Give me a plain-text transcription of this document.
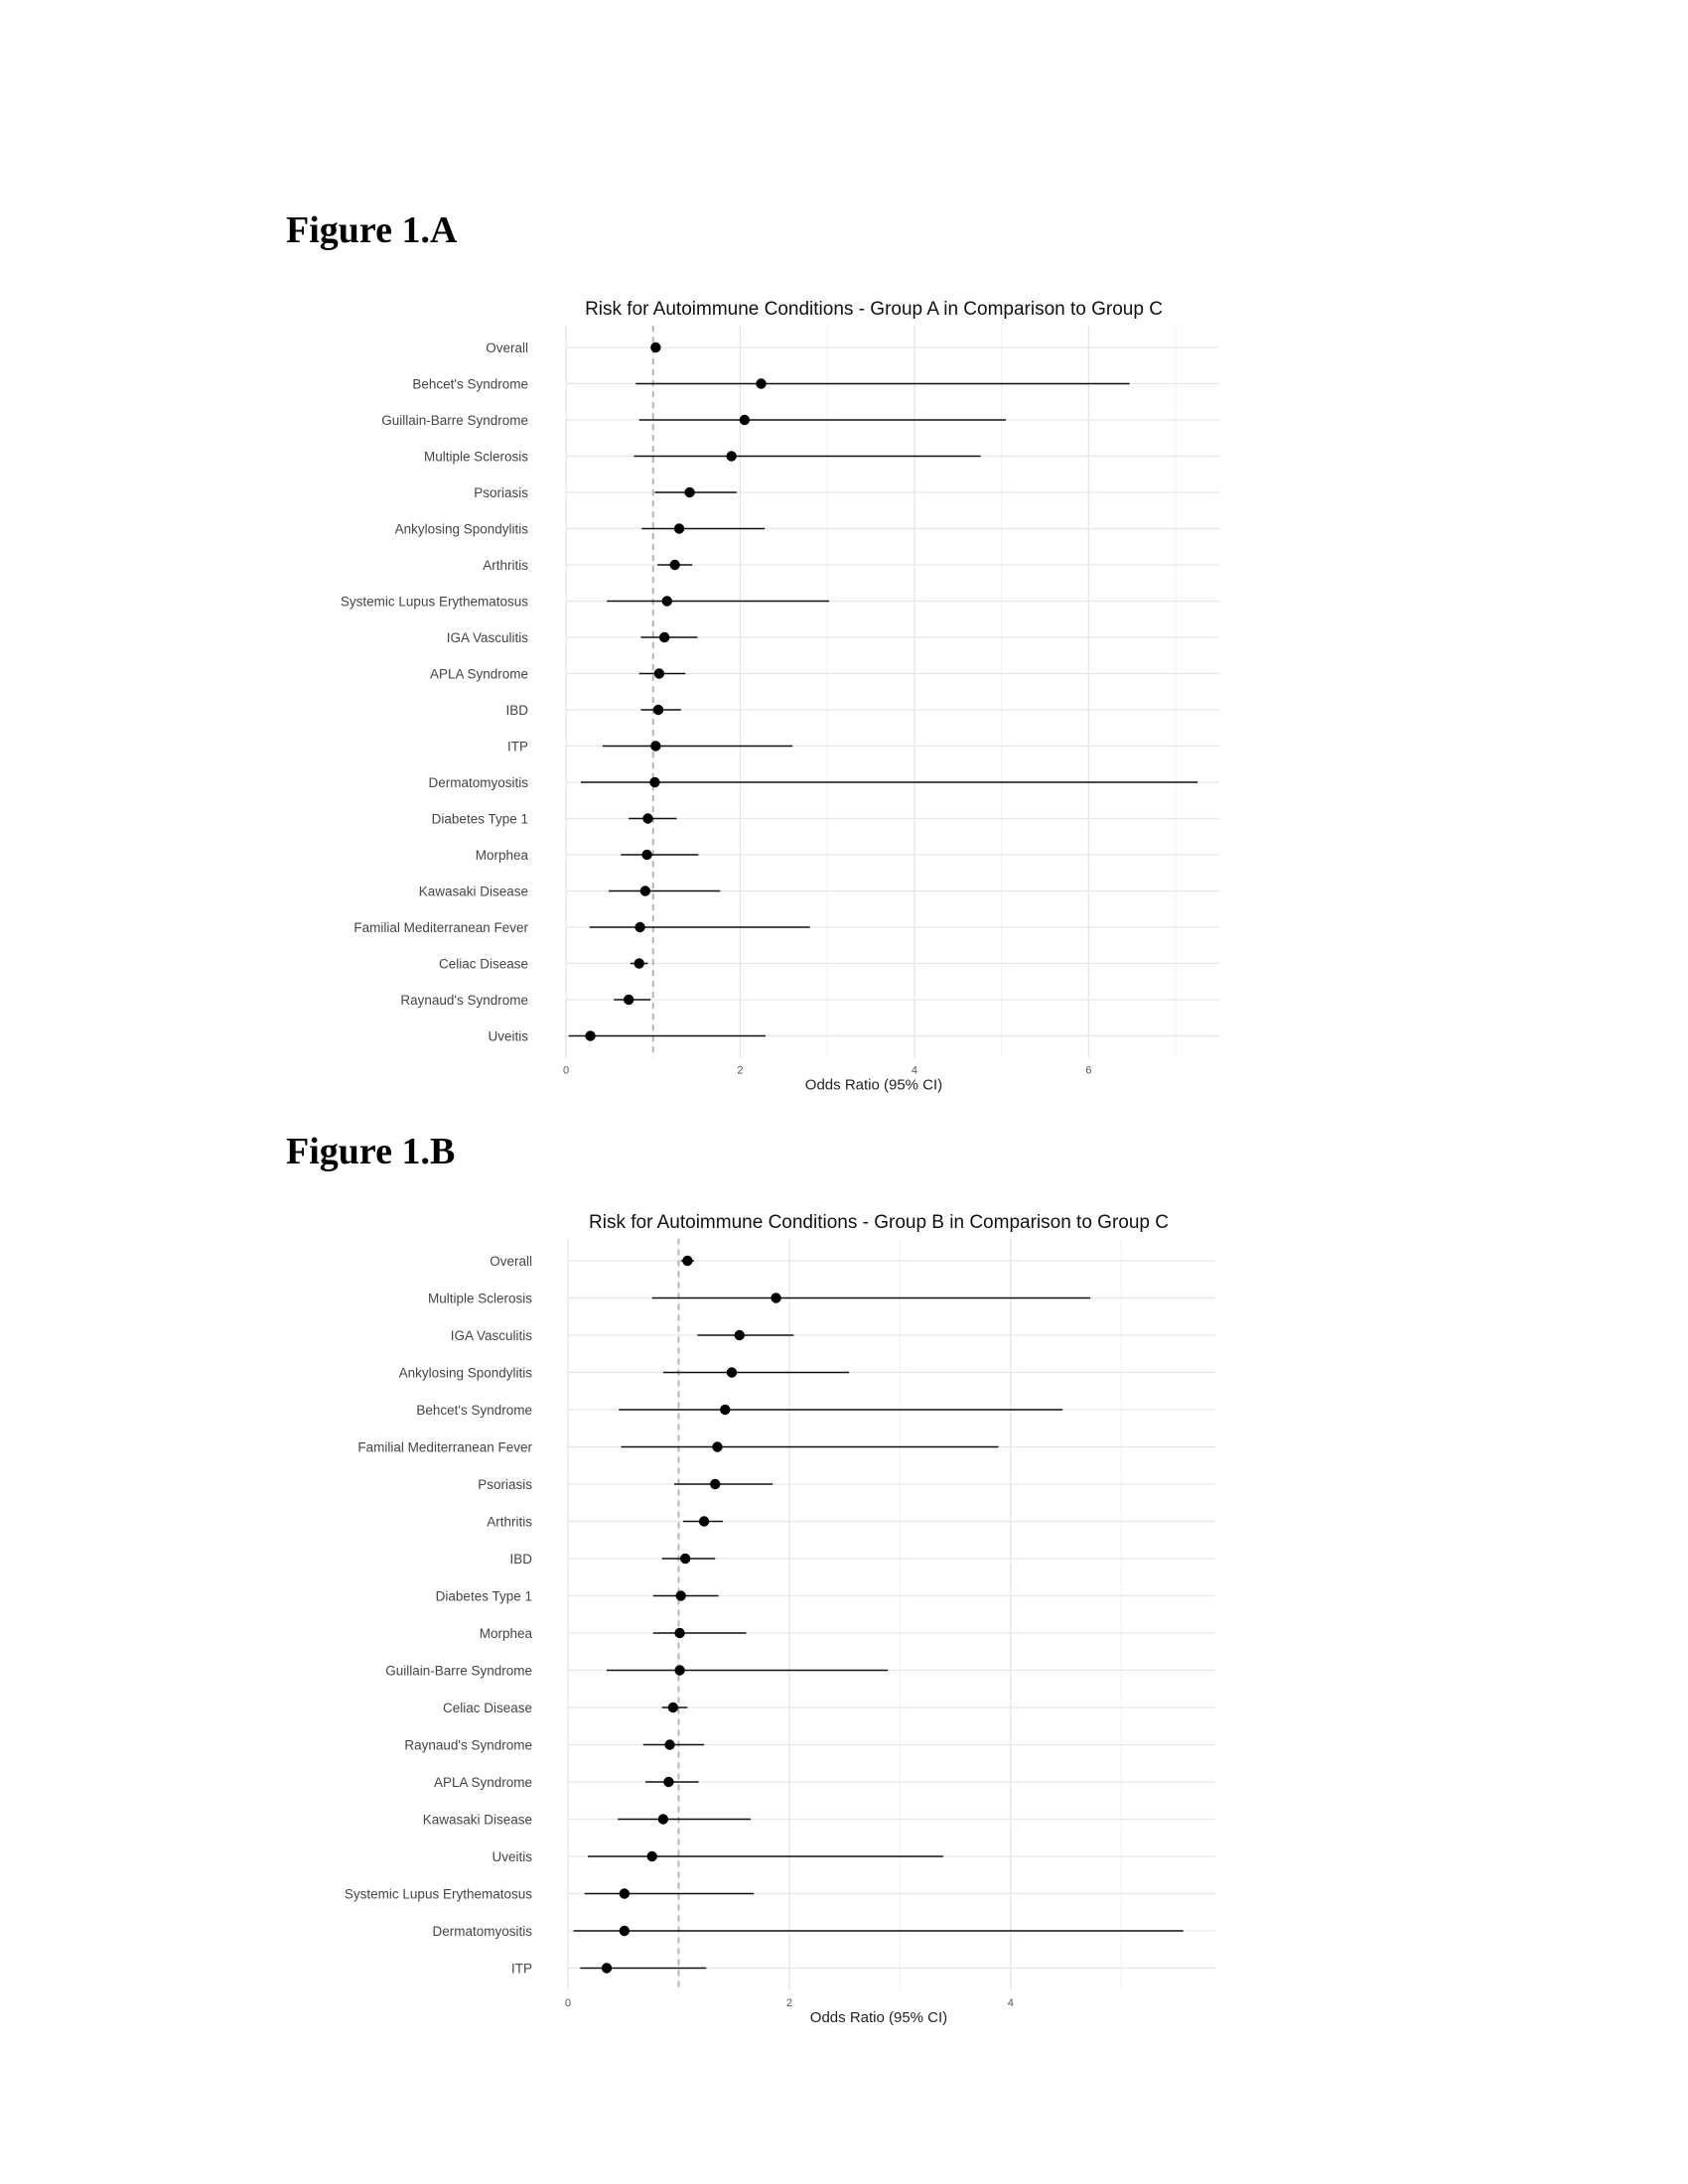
Figure 1.A
Risk for Autoimmune Conditions - Group A in Comparison to Group C
Overall
Behcet's Syndrome
Guillain-Barre Syndrome
Multiple Sclerosis
Psoriasis
Ankylosing Spondylitis
Arthritis
Systemic Lupus Erythematosus
IGA Vasculitis
APLA Syndrome
IBD
ITP
Dermatomyositis
Diabetes Type 1
Morphea
Kawasaki Disease
Familial Mediterranean Fever
Celiac Disease
Raynaud's Syndrome
Uveitis
0	2	4	6
Odds Ratio (95% CI)
Figure 1.B
Risk for Autoimmune Conditions - Group B in Comparison to Group C
Overall
Multiple Sclerosis
IGA Vasculitis
Ankylosing Spondylitis
Behcet's Syndrome
Familial Mediterranean Fever
Psoriasis
Arthritis
IBD
Diabetes Type 1
Morphea
Guillain-Barre Syndrome
Celiac Disease
Raynaud's Syndrome
APLA Syndrome
Kawasaki Disease
Uveitis
Systemic Lupus Erythematosus
Dermatomyositis
ITP
0	2	4
Odds Ratio (95% CI)
